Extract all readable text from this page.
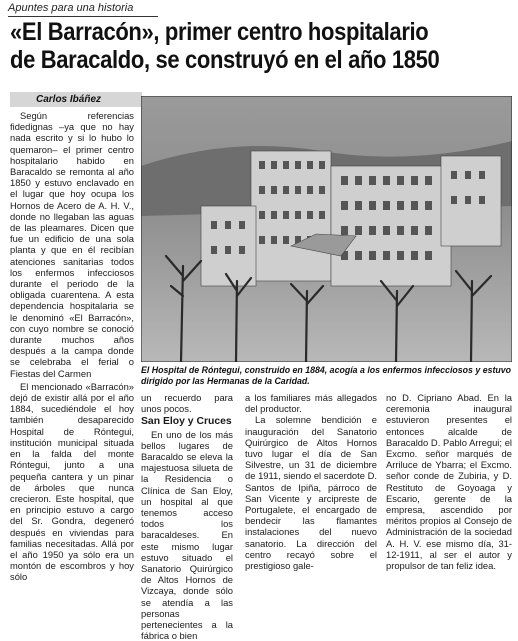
Apuntes para una historia
«El Barracón», primer centro hospitalario
de Baracaldo, se construyó en el año 1850
Carlos Ibáñez

Según referencias fidedignas –ya que no hay nada escrito y si lo hubo lo quemaron– el primer centro hospitalario habido en Baracaldo se remonta al año 1850 y estuvo enclavado en el lugar que hoy ocupa los Hornos de Acero de A. H. V., donde no llegaban las aguas de las pleamares. Dicen que fue un edificio de una sola planta y que en él recibían atenciones sanitarias todos los enfermos infecciosos durante el periodo de la obligada cuarentena. A esta dependencia hospitalaria se le denominó «El Barracón», con cuyo nombre se conoció durante muchos años después a la campa donde se celebraba el ferial o Fiestas del Carmen

El mencionado «Barracón» dejó de existir allá por el año 1884, sucediéndole el hoy también desaparecido Hospital de Róntegui, institución municipal situada en la falda del monte Róntegui, junto a una pequeña cantera y un pinar de árboles que nunca crecieron. Este hospital, que en principio estuvo a cargo del Sr. Gondra, degeneró después en viviendas para familias necesitadas. Allá por el año 1950 ya sólo era un montón de escombros y hoy sólo

El Hospital de Róntegui, construido en 1884, acogía a los enfermos infecciosos y estuvo dirigido por las Hermanas de la Caridad.

un recuerdo para unos pocos.

San Eloy y Cruces

En uno de los más bellos lugares de Baracaldo se eleva la majestuosa silueta de la Residencia o Clínica de San Eloy, un hospital al que tenemos acceso todos los baracaldeses. En este mismo lugar estuvo situado el Sanatorio Quirúrgico de Altos Hornos de Vizcaya, donde sólo se atendía a las personas pertenecientes a la fábrica o bien

a los familiares más allegados del productor.

La solemne bendición e inauguración del Sanatorio Quirúrgico de Altos Hornos tuvo lugar el día de San Silvestre, un 31 de diciembre de 1911, siendo el sacerdote D. Santos de Ipiña, párroco de San Vicente y arcipreste de Portugalete, el encargado de bendecir las flamantes instalaciones del nuevo sanatorio. La dirección del centro recayó sobre el prestigioso gale-

no D. Cipriano Abad. En la ceremonia inaugural estuvieron presentes el entonces alcalde de Baracaldo D. Pablo Arregui; el Excmo. señor marqués de Arriluce de Ybarra; el Excmo. señor conde de Zubiria, y D. Restituto de Goyoaga y Escario, gerente de la empresa, ascendido por méritos propios al Consejo de Administración de la sociedad A. H. V. ese mismo día, 31-12-1911, al ser el autor y propulsor de tan feliz idea.
